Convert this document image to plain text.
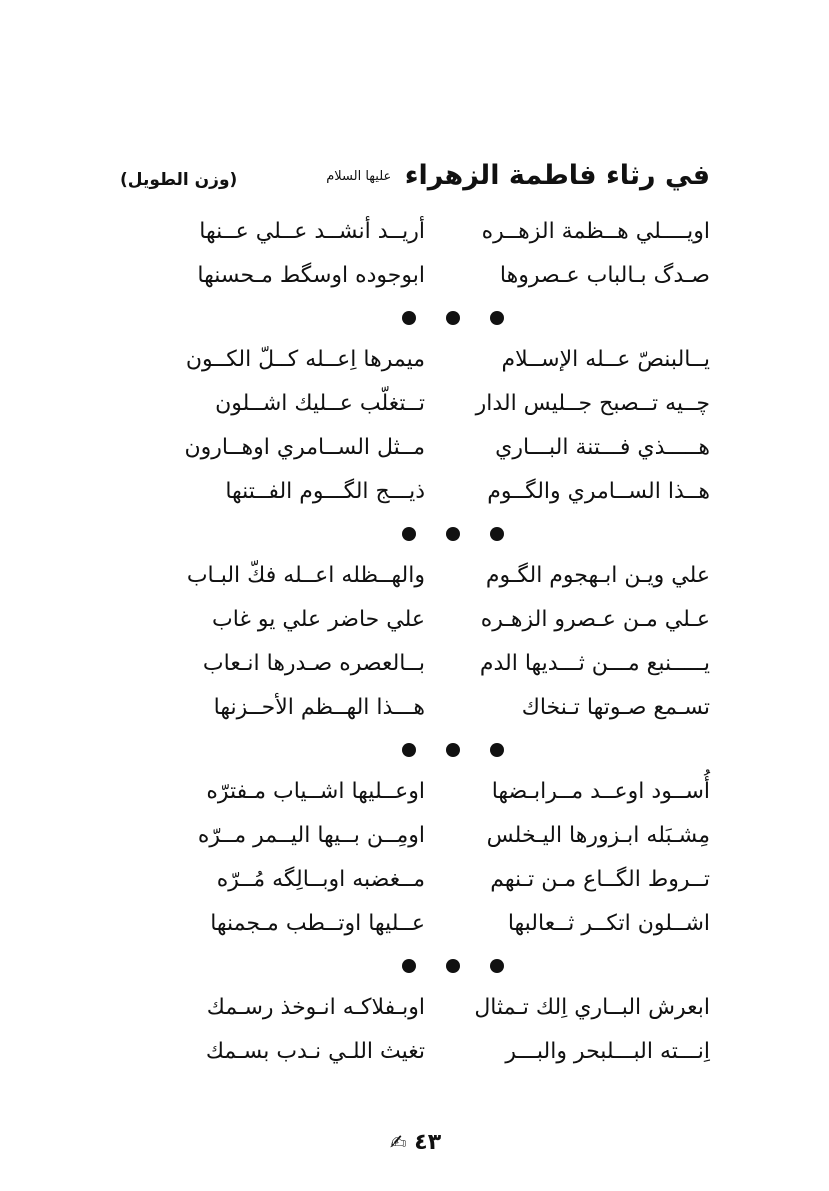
في رثاء فاطمة الزهراء عليها السلام
(وزن الطويل)
اويــــلي هــظمة الزهــره
أريــد أنشــد عــلي عــنها
صـدگ بـالباب عـصروها
ابوجوده اوسگط مـحسنها
يــالبنصّ عــله الإســلام
ميمرها اِعــله كــلّ الكــون
چــيه تــصبح جــليس الدار
تــتغلّب عــليك اشــلون
هـــــذي فـــتنة البـــاري
مــثل الســامري اوهــارون
هــذا الســامري والگــوم
ذيـــج الگـــوم الفــتنها
علي ويـن ابـهجوم الگـوم
والهــظله اعــله فكّ البـاب
عـلي مـن عـصرو الزهـره
علي حاضر علي يو غاب
يـــــنبع مـــن ثـــديها الدم
بــالعصره صـدرها انـعاب
تسـمع صـوتها تـنخاك
هـــذا الهــظم الأحــزنها
أُســود اوعــد مــرابـضها
اوعــليها اشــياب مـفترّه
مِشـبَله ابـزورها اليـخلس
اومِــن بــيها اليــمر مــرّه
تــروط الگــاع مـن تـنهم
مــغضبه اوبــالِگه مُــرّه
اشــلون اتكــر ثــعالبها
عــليها اوتــطب مـجمنها
ابعرش البــاري اِلك تـمثال
اوبـفلاكـه انـوخذ رسـمك
اِنـــته البـــلبحر والبـــر
تغيث اللـي نـدب بسـمك
٤٣ ✍
